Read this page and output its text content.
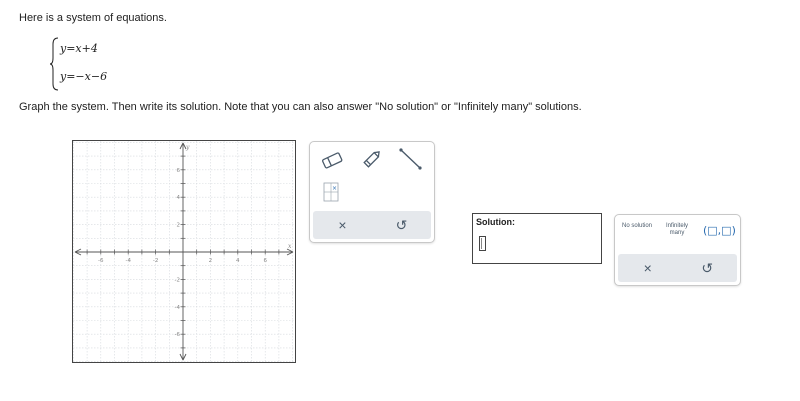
Here is a system of equations.
y=x+4
y=−x−6
Graph the system. Then write its solution. Note that you can also answer "No solution" or "Infinitely many" solutions.
-6	-4	-2	2	4	6
6
4
2
-2
-4
-6
x
y
×
×	↺	Solution:	No solution	Infinitely many	(□,□)
×	↺
